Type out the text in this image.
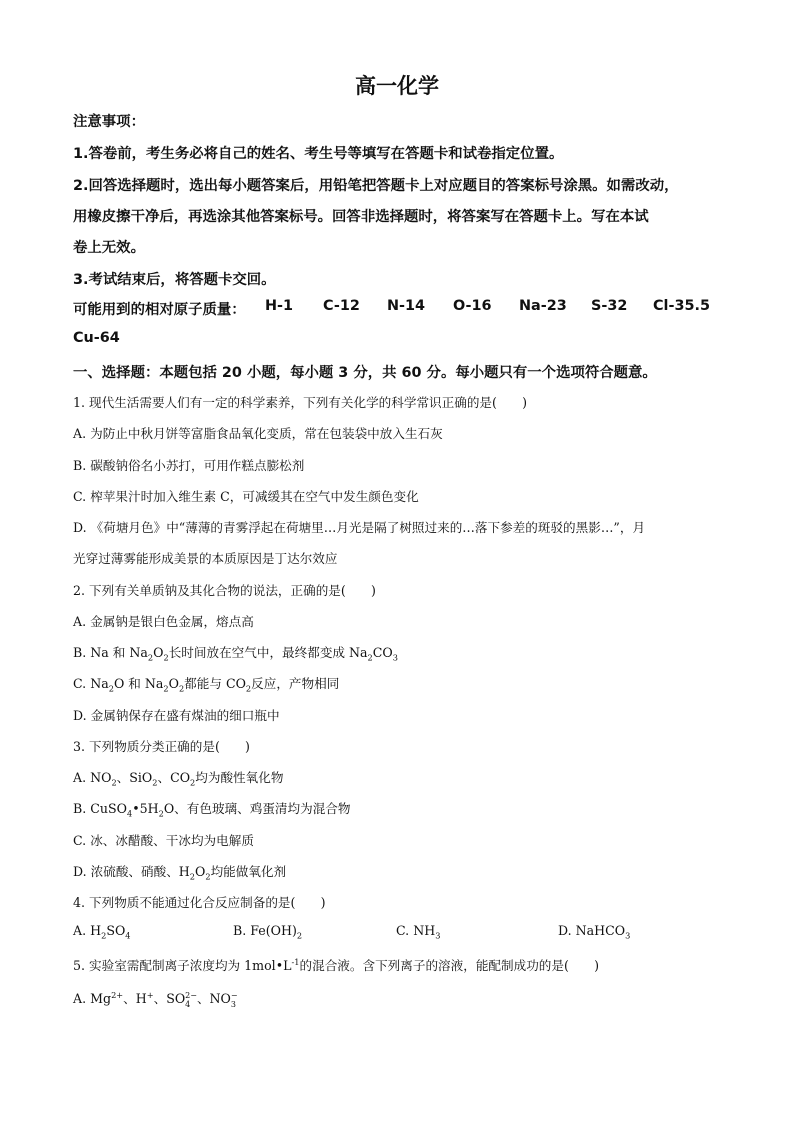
高一化学
注意事项：
1.答卷前，考生务必将自己的姓名、考生号等填写在答题卡和试卷指定位置。
2.回答选择题时，选出每小题答案后，用铅笔把答题卡上对应题目的答案标号涂黑。如需改动，
用橡皮擦干净后，再选涂其他答案标号。回答非选择题时，将答案写在答题卡上。写在本试
卷上无效。
3.考试结束后，将答题卡交回。
可能用到的相对原子质量： H-1 C-12 N-14 O-16 Na-23 S-32 Cl-35.5
Cu-64
一、选择题：本题包括 20 小题，每小题 3 分，共 60 分。每小题只有一个选项符合题意。
1. 现代生活需要人们有一定的科学素养，下列有关化学的科学常识正确的是(　　)
A. 为防止中秋月饼等富脂食品氧化变质，常在包装袋中放入生石灰
B. 碳酸钠俗名小苏打，可用作糕点膨松剂
C. 榨苹果汁时加入维生素 C，可减缓其在空气中发生颜色变化
D. 《荷塘月色》中“薄薄的青雾浮起在荷塘里…月光是隔了树照过来的…落下参差的斑驳的黑影…”，月
光穿过薄雾能形成美景的本质原因是丁达尔效应
2. 下列有关单质钠及其化合物的说法，正确的是(　　)
A. 金属钠是银白色金属，熔点高
B. Na 和 $Na_2O_2$长时间放在空气中，最终都变成 $Na_2CO_3$
C. $Na_2O$ 和 $Na_2O_2$都能与 $CO_2$反应，产物相同
D. 金属钠保存在盛有煤油的细口瓶中
3. 下列物质分类正确的是(　　)
A. $NO_2$、SiO$_2$、$CO_2$均为酸性氧化物
B. $CuSO_4•5H_2O$、有色玻璃、鸡蛋清均为混合物
C. 冰、冰醋酸、干冰均为电解质
D. 浓硫酸、硝酸、$H_2O_2$均能做氧化剂
4. 下列物质不能通过化合反应制备的是(　　)
A. $H_2SO_4$	B. $Fe(OH)_2$	C. $NH_3$	D. NaHCO$_3$
5. 实验室需配制离子浓度均为 $1mol•L^{-1}$的混合液。含下列离子的溶液，能配制成功的是(　　)
A. $Mg^{2+}$、H+、SO 2−
4 、NO −
3
